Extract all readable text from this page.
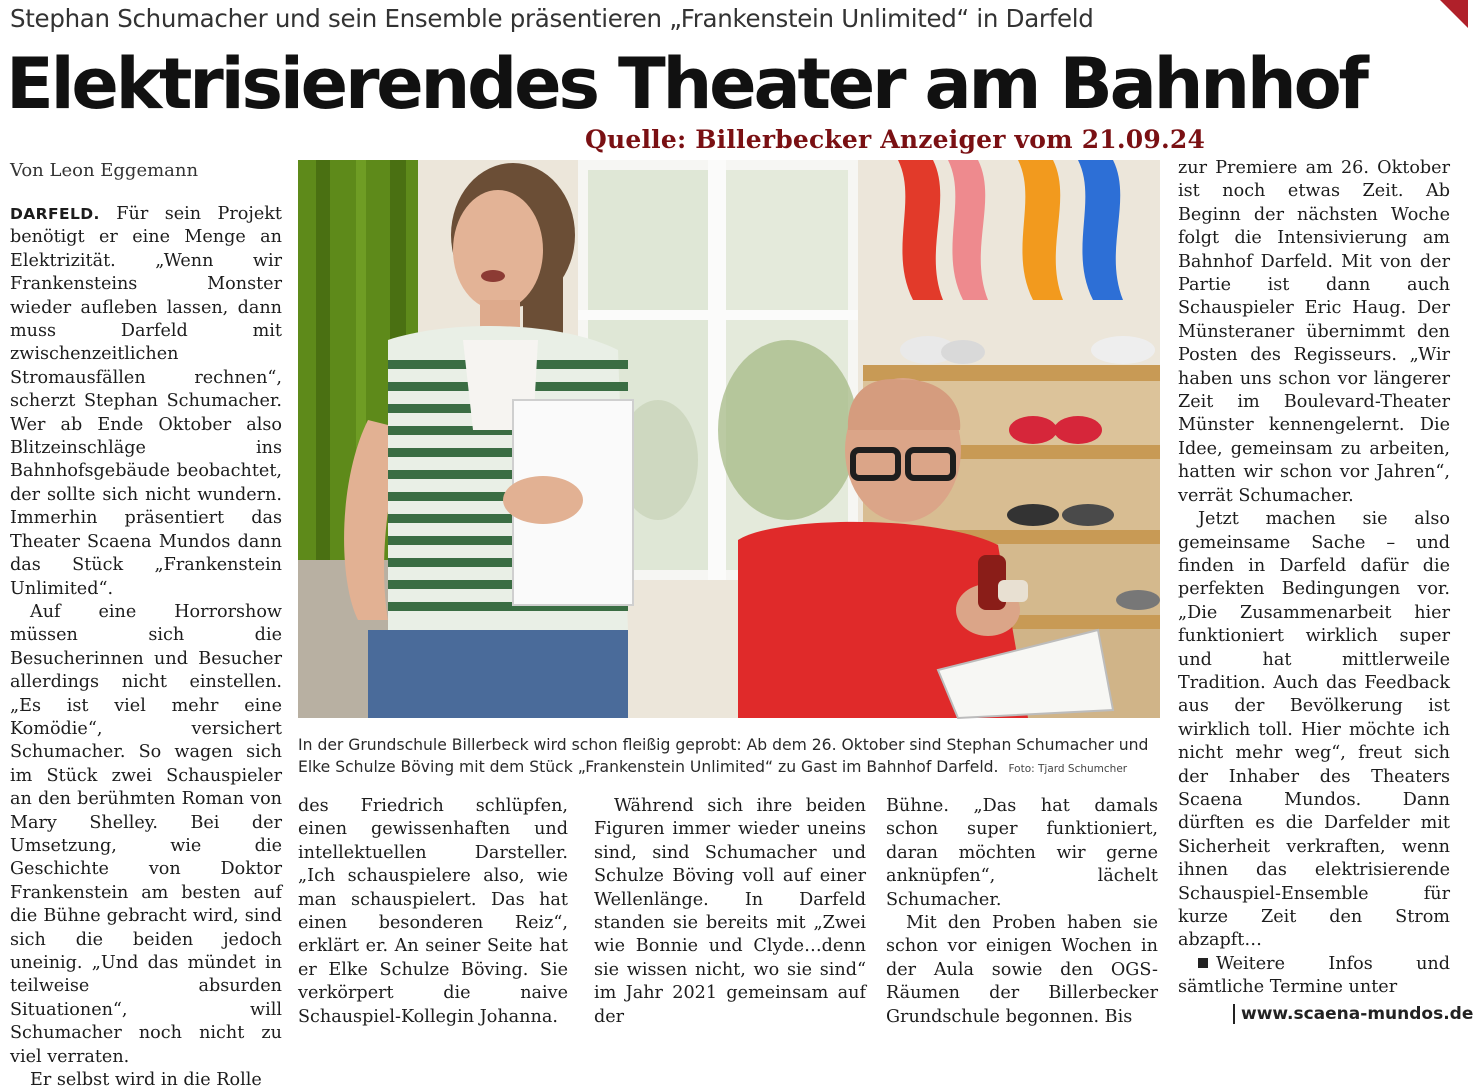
Stephan Schumacher und sein Ensemble präsentieren „Frankenstein Unlimited“ in Darfeld
Elektrisierendes Theater am Bahnhof
Quelle: Billerbecker Anzeiger vom 21.09.24
Von Leon Eggemann

DARFELD. Für sein Projekt benötigt er eine Menge an Elektrizität. „Wenn wir Frankensteins Monster wieder aufleben lassen, dann muss Darfeld mit zwischenzeitlichen Stromausfällen rechnen“, scherzt Stephan Schumacher. Wer ab Ende Oktober also Blitzeinschläge ins Bahnhofsgebäude beobachtet, der sollte sich nicht wundern. Immerhin präsentiert das Theater Scaena Mundos dann das Stück „Frankenstein Unlimited“.

Auf eine Horrorshow müssen sich die Besucherinnen und Besucher allerdings nicht einstellen. „Es ist viel mehr eine Komödie“, versichert Schumacher. So wagen sich im Stück zwei Schauspieler an den berühmten Roman von Mary Shelley. Bei der Umsetzung, wie die Geschichte von Doktor Frankenstein am besten auf die Bühne gebracht wird, sind sich die beiden jedoch uneinig. „Und das mündet in teilweise absurden Situationen“, will Schumacher noch nicht zu viel verraten.

Er selbst wird in die Rolle

In der Grundschule Billerbeck wird schon fleißig geprobt: Ab dem 26. Oktober sind Stephan Schumacher und Elke Schulze Böving mit dem Stück „Frankenstein Unlimited“ zu Gast im Bahnhof Darfeld. Foto: Tjard Schumcher

des Friedrich schlüpfen, einen gewissenhaften und intellektuellen Darsteller. „Ich schauspielere also, wie man schauspielert. Das hat einen besonderen Reiz“, erklärt er. An seiner Seite hat er Elke Schulze Böving. Sie verkörpert die naive Schauspiel-Kollegin Johanna.

Während sich ihre beiden Figuren immer wieder uneins sind, sind Schumacher und Schulze Böving voll auf einer Wellenlänge. In Darfeld standen sie bereits mit „Zwei wie Bonnie und Clyde…denn sie wissen nicht, wo sie sind“ im Jahr 2021 gemeinsam auf der

Bühne. „Das hat damals schon super funktioniert, daran möchten wir gerne anknüpfen“, lächelt Schumacher.

Mit den Proben haben sie schon vor einigen Wochen in der Aula sowie den OGS-Räumen der Billerbecker Grundschule begonnen. Bis

zur Premiere am 26. Oktober ist noch etwas Zeit. Ab Beginn der nächsten Woche folgt die Intensivierung am Bahnhof Darfeld. Mit von der Partie ist dann auch Schauspieler Eric Haug. Der Münsteraner übernimmt den Posten des Regisseurs. „Wir haben uns schon vor längerer Zeit im Boulevard-Theater Münster kennengelernt. Die Idee, gemeinsam zu arbeiten, hatten wir schon vor Jahren“, verrät Schumacher.

Jetzt machen sie also gemeinsame Sache – und finden in Darfeld dafür die perfekten Bedingungen vor. „Die Zusammenarbeit hier funktioniert wirklich super und hat mittlerweile Tradition. Auch das Feedback aus der Bevölkerung ist wirklich toll. Hier möchte ich nicht mehr weg“, freut sich der Inhaber des Theaters Scaena Mundos. Dann dürften es die Darfelder mit Sicherheit verkraften, wenn ihnen das elektrisierende Schauspiel-Ensemble für kurze Zeit den Strom abzapft…

Weitere Infos und sämtliche Termine unter

www.scaena-mundos.de
